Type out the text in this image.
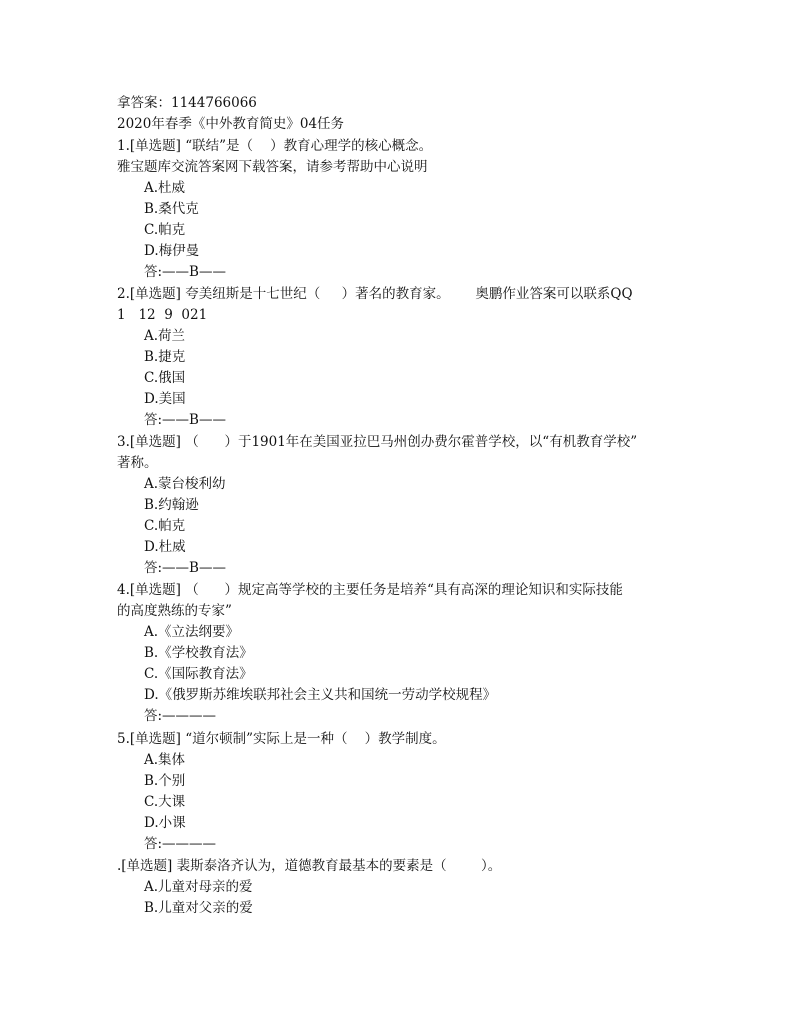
拿答案：1144766066
2020年春季《中外教育简史》04任务
1.[单选题] “联结”是（    ）教育心理学的核心概念。
雅宝题库交流答案网下载答案，请参考帮助中心说明
A.杜威
B.桑代克
C.帕克
D.梅伊曼
答:——B——
2.[单选题] 夸美纽斯是十七世纪（     ）著名的教育家。      奥鹏作业答案可以联系QQ
1   12  9  021
A.荷兰
B.捷克
C.俄国
D.美国
答:——B——
3.[单选题] （      ）于1901年在美国亚拉巴马州创办费尔霍普学校，以“有机教育学校”
著称。
A.蒙台梭利幼
B.约翰逊
C.帕克
D.杜威
答:——B——
4.[单选题] （      ）规定高等学校的主要任务是培养“具有高深的理论知识和实际技能
的高度熟练的专家”
A.《立法纲要》
B.《学校教育法》
C.《国际教育法》
D.《俄罗斯苏维埃联邦社会主义共和国统一劳动学校规程》
答:————
5.[单选题] “道尔顿制”实际上是一种（    ）教学制度。
A.集体
B.个别
C.大课
D.小课
答:————
.[单选题] 裴斯泰洛齐认为，道德教育最基本的要素是（        ）。
A.儿童对母亲的爱
B.儿童对父亲的爱
